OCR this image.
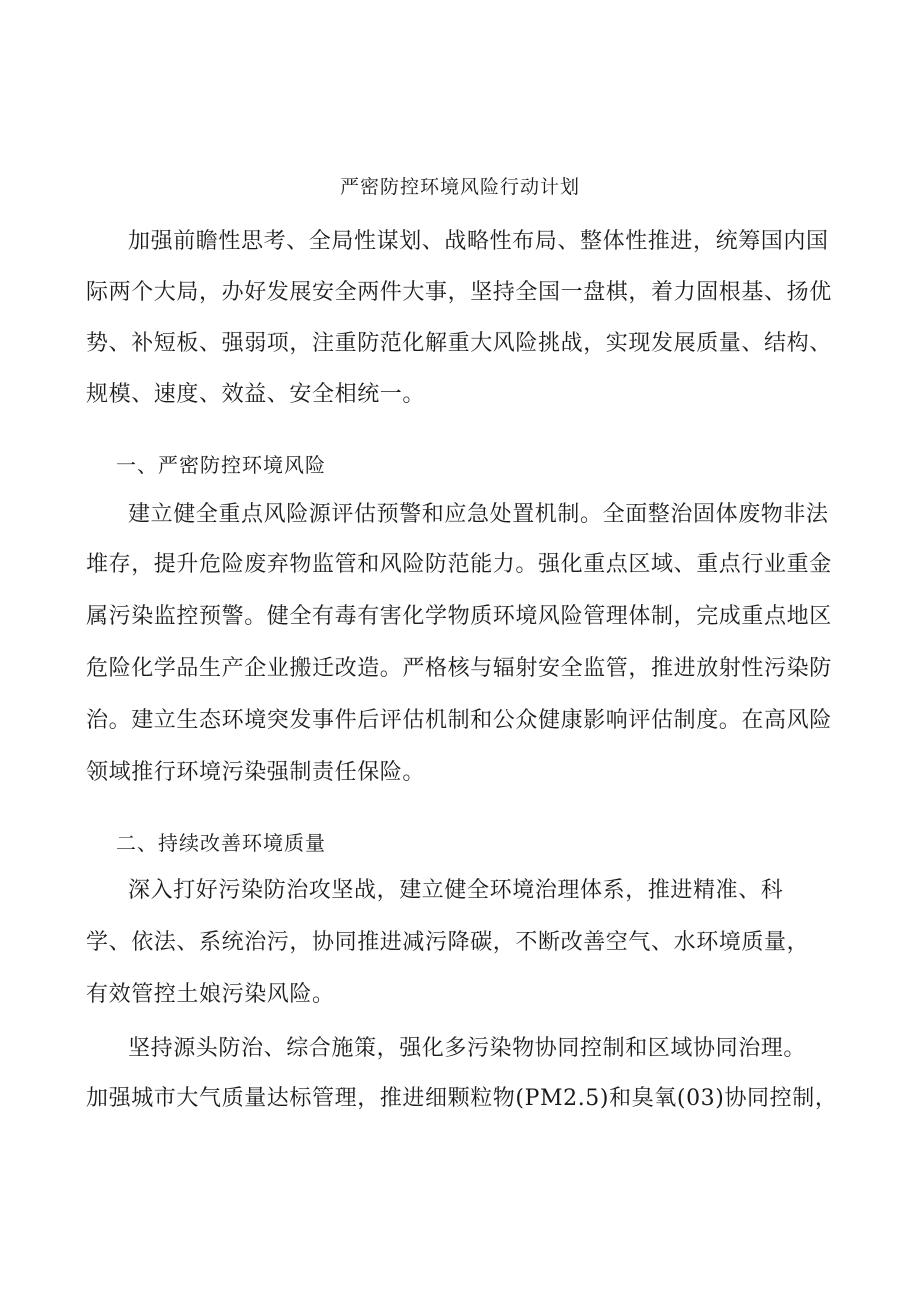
严密防控环境风险行动计划
加强前瞻性思考、全局性谋划、战略性布局、整体性推进，统筹国内国
际两个大局，办好发展安全两件大事，坚持全国一盘棋，着力固根基、扬优
势、补短板、强弱项，注重防范化解重大风险挑战，实现发展质量、结构、
规模、速度、效益、安全相统一。
一、严密防控环境风险
建立健全重点风险源评估预警和应急处置机制。全面整治固体废物非法
堆存，提升危险废弃物监管和风险防范能力。强化重点区域、重点行业重金
属污染监控预警。健全有毒有害化学物质环境风险管理体制，完成重点地区
危险化学品生产企业搬迁改造。严格核与辐射安全监管，推进放射性污染防
治。建立生态环境突发事件后评估机制和公众健康影响评估制度。在高风险
领域推行环境污染强制责任保险。
二、持续改善环境质量
深入打好污染防治攻坚战，建立健全环境治理体系，推进精准、科
学、依法、系统治污，协同推进减污降碳，不断改善空气、水环境质量，
有效管控土娘污染风险。
坚持源头防治、综合施策，强化多污染物协同控制和区域协同治理。
加强城市大气质量达标管理，推进细颗粒物(PM2.5)和臭氧(03)协同控制，
